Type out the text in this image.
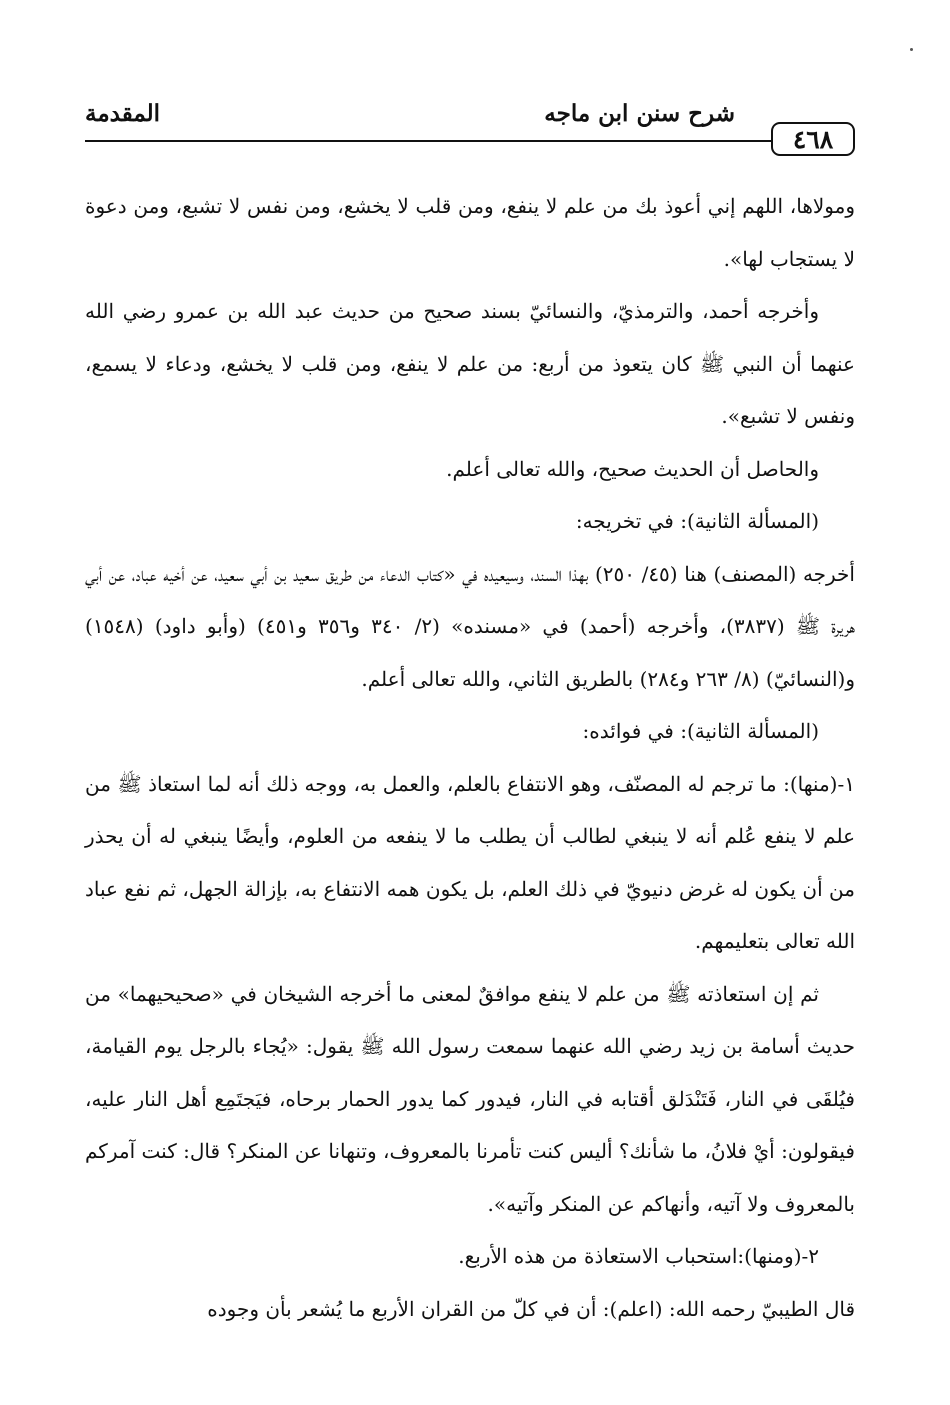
٤٦٨
شرح سنن ابن ماجه
المقدمة

ومولاها، اللهم إني أعوذ بك من علم لا ينفع، ومن قلب لا يخشع، ومن نفس لا تشبع، ومن دعوة لا يستجاب لها».

وأخرجه أحمد، والترمذيّ، والنسائيّ بسند صحيح من حديث عبد الله بن عمرو رضي الله عنهما أن النبي ﷺ كان يتعوذ من أربع: من علم لا ينفع، ومن قلب لا يخشع، ودعاء لا يسمع، ونفس لا تشبع».

والحاصل أن الحديث صحيح، والله تعالى أعلم.

(المسألة الثانية): في تخريجه:

أخرجه (المصنف) هنا (٤٥/ ٢٥٠) بهذا السند، وسيعيده في «كتاب الدعاء من طريق سعيد بن أبي سعيد، عن أخيه عباد، عن أبي هريرة ﷺ (٣٨٣٧)، وأخرجه (أحمد) في «مسنده» (٢/ ٣٤٠ و٣٥٦ و٤٥١) (وأبو داود) (١٥٤٨) و(النسائيّ) (٨/ ٢٦٣ و٢٨٤) بالطريق الثاني، والله تعالى أعلم.

(المسألة الثانية): في فوائده:

١-(منها): ما ترجم له المصنّف، وهو الانتفاع بالعلم، والعمل به، ووجه ذلك أنه لما استعاذ ﷺ من علم لا ينفع عُلم أنه لا ينبغي لطالب أن يطلب ما لا ينفعه من العلوم، وأيضًا ينبغي له أن يحذر من أن يكون له غرض دنيويّ في ذلك العلم، بل يكون همه الانتفاع به، بإزالة الجهل، ثم نفع عباد الله تعالى بتعليمهم.

ثم إن استعاذته ﷺ من علم لا ينفع موافقٌ لمعنى ما أخرجه الشيخان في «صحيحيهما» من حديث أسامة بن زيد رضي الله عنهما سمعت رسول الله ﷺ يقول: «يُجاء بالرجل يوم القيامة، فيُلقَى في النار، فَتَنْدَلق أقتابه في النار، فيدور كما يدور الحمار برحاه، فيَجتَمِع أهل النار عليه، فيقولون: أيْ فلانُ، ما شأنك؟ أليس كنت تأمرنا بالمعروف، وتنهانا عن المنكر؟ قال: كنت آمركم بالمعروف ولا آتيه، وأنهاكم عن المنكر وآتيه».

٢-(ومنها):استحباب الاستعاذة من هذه الأربع.

قال الطيبيّ رحمه الله: (اعلم): أن في كلّ من القران الأربع ما يُشعر بأن وجوده
